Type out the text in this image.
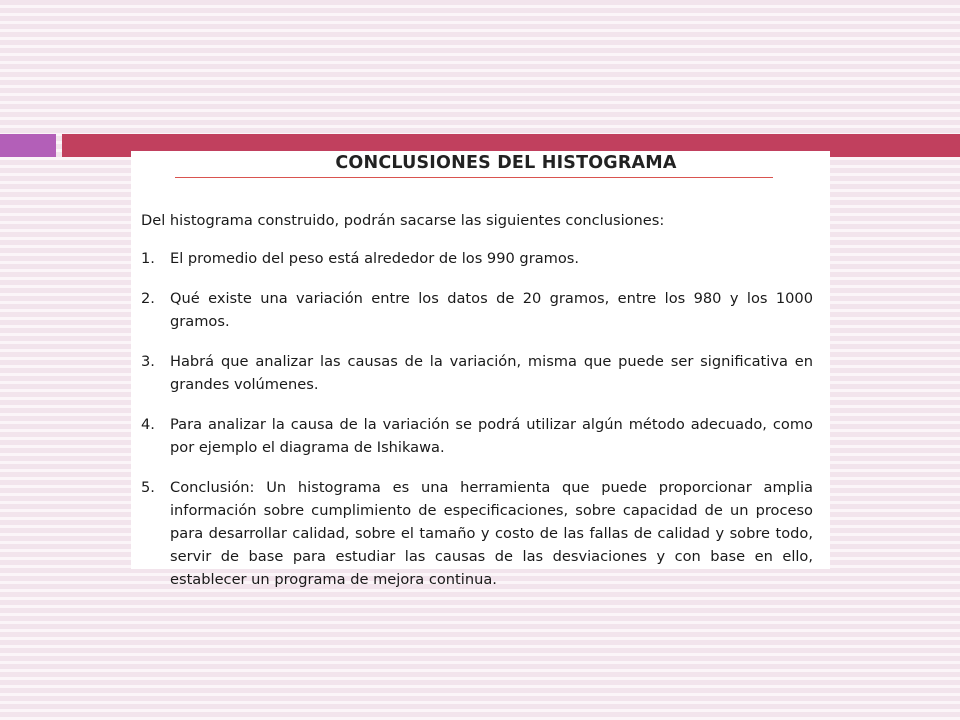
CONCLUSIONES DEL HISTOGRAMA

Del histograma construido, podrán sacarse las siguientes conclusiones:

1.	El promedio del peso está alrededor de los 990 gramos.
2.	Qué existe una variación entre los datos de 20 gramos, entre los 980 y los 1000 gramos.
3.	Habrá que analizar las causas de la variación, misma que puede ser significativa en grandes volúmenes.
4.	Para analizar la causa de la variación se podrá utilizar algún método adecuado, como por ejemplo el diagrama de Ishikawa.
5.	Conclusión: Un histograma es una herramienta que puede proporcionar amplia información sobre cumplimiento de especificaciones, sobre capacidad de un proceso para desarrollar calidad, sobre el tamaño y costo de las fallas de calidad y sobre todo, servir de base para estudiar las causas de las desviaciones y con base en ello, establecer un programa de mejora continua.
